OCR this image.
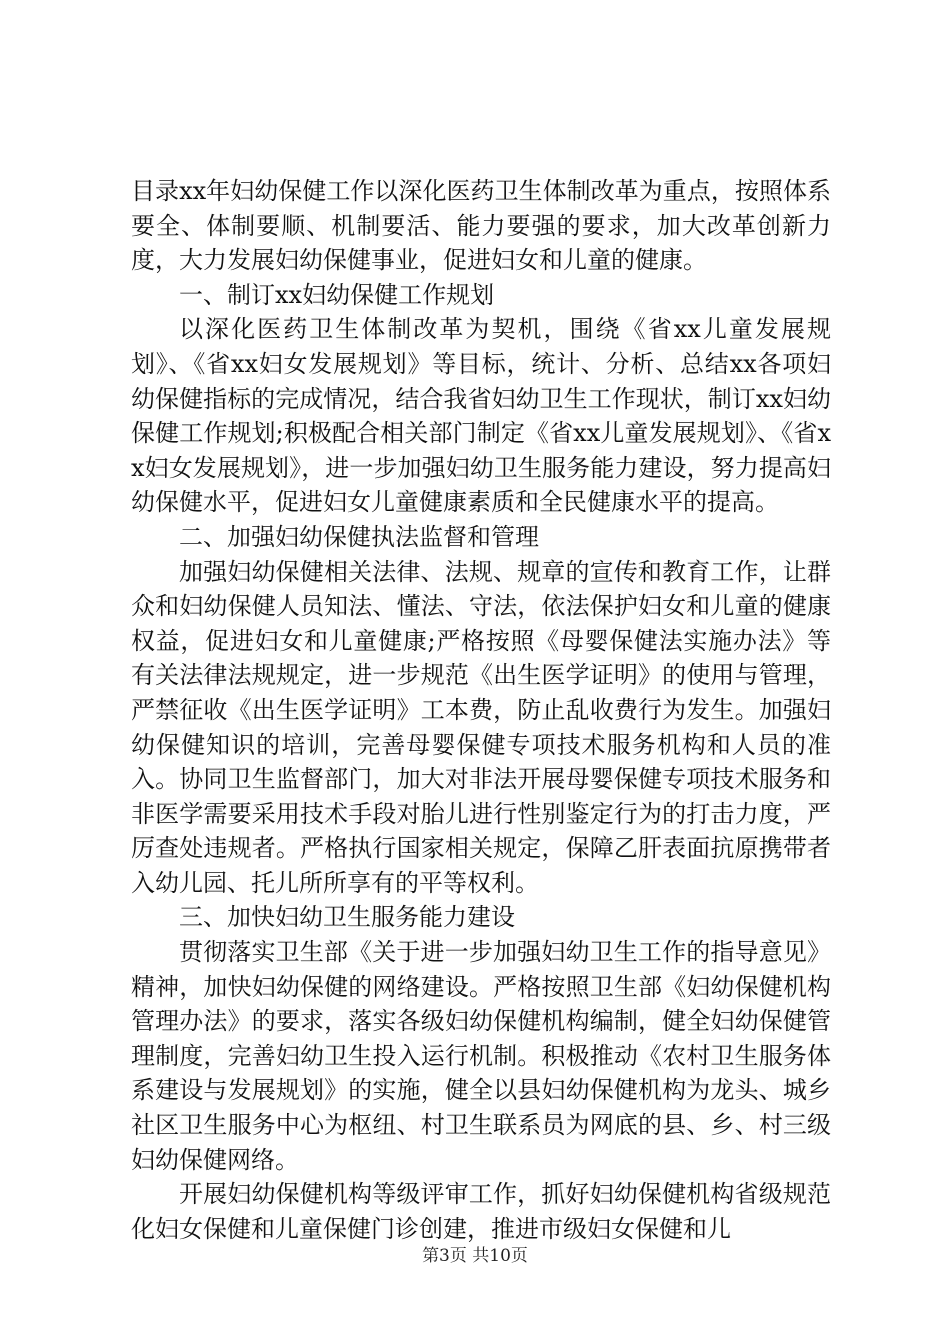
目录xx年妇幼保健工作以深化医药卫生体制改革为重点，按照体系要全、体制要顺、机制要活、能力要强的要求，加大改革创新力度，大力发展妇幼保健事业，促进妇女和儿童的健康。

一、制订xx妇幼保健工作规划

以深化医药卫生体制改革为契机，围绕《省xx儿童发展规划》、《省xx妇女发展规划》等目标，统计、分析、总结xx各项妇幼保健指标的完成情况，结合我省妇幼卫生工作现状，制订xx妇幼保健工作规划;积极配合相关部门制定《省xx儿童发展规划》、《省xx妇女发展规划》，进一步加强妇幼卫生服务能力建设，努力提高妇幼保健水平，促进妇女儿童健康素质和全民健康水平的提高。

二、加强妇幼保健执法监督和管理

加强妇幼保健相关法律、法规、规章的宣传和教育工作，让群众和妇幼保健人员知法、懂法、守法，依法保护妇女和儿童的健康权益，促进妇女和儿童健康;严格按照《母婴保健法实施办法》等有关法律法规规定，进一步规范《出生医学证明》的使用与管理，严禁征收《出生医学证明》工本费，防止乱收费行为发生。加强妇幼保健知识的培训，完善母婴保健专项技术服务机构和人员的准入。协同卫生监督部门，加大对非法开展母婴保健专项技术服务和非医学需要采用技术手段对胎儿进行性别鉴定行为的打击力度，严厉查处违规者。严格执行国家相关规定，保障乙肝表面抗原携带者入幼儿园、托儿所所享有的平等权利。

三、加快妇幼卫生服务能力建设

贯彻落实卫生部《关于进一步加强妇幼卫生工作的指导意见》精神，加快妇幼保健的网络建设。严格按照卫生部《妇幼保健机构管理办法》的要求，落实各级妇幼保健机构编制，健全妇幼保健管理制度，完善妇幼卫生投入运行机制。积极推动《农村卫生服务体系建设与发展规划》的实施，健全以县妇幼保健机构为龙头、城乡社区卫生服务中心为枢纽、村卫生联系员为网底的县、乡、村三级妇幼保健网络。

开展妇幼保健机构等级评审工作，抓好妇幼保健机构省级规范化妇女保健和儿童保健门诊创建，推进市级妇女保健和儿

第3页 共10页
